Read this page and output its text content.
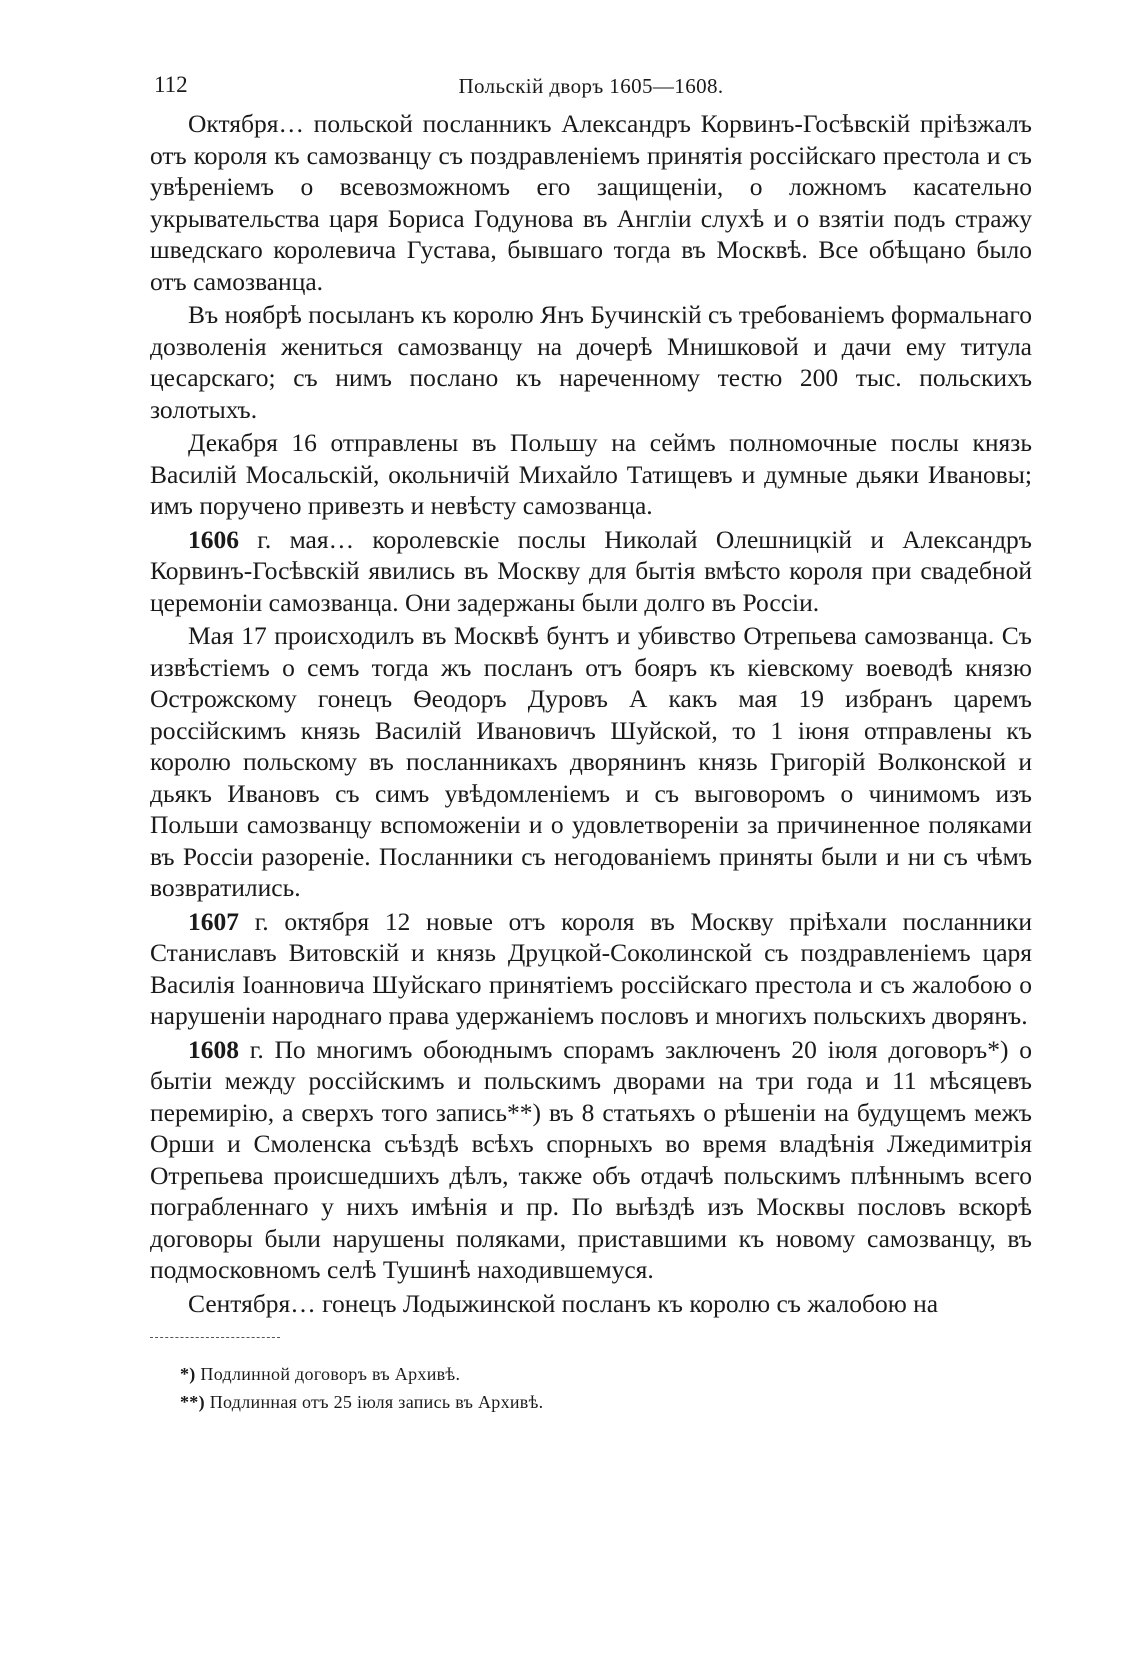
112	Польскій дворъ 1605—1608.

Октября… польской посланникъ Александръ Корвинъ-Госѣвскій пріѣзжалъ отъ короля къ самозванцу съ поздравленіемъ принятія россійскаго престола и съ увѣреніемъ о всевозможномъ его защищеніи, о ложномъ касательно укрывательства царя Бориса Годунова въ Англіи слухѣ и о взятіи подъ стражу шведскаго королевича Густава, бывшаго тогда въ Москвѣ. Все обѣщано было отъ самозванца.

Въ ноябрѣ посыланъ къ королю Янъ Бучинскій съ требованіемъ формальнаго дозволенія жениться самозванцу на дочерѣ Мнишковой и дачи ему титула цесарскаго; съ нимъ послано къ нареченному тестю 200 тыс. польскихъ золотыхъ.

Декабря 16 отправлены въ Польшу на сеймъ полномочные послы князь Василій Мосальскій, окольничій Михайло Татищевъ и думные дьяки Ивановы; имъ поручено привезть и невѣсту самозванца.

1606 г. мая… королевскіе послы Николай Олешницкій и Александръ Корвинъ-Госѣвскій явились въ Москву для бытія вмѣсто короля при свадебной церемоніи самозванца. Они задержаны были долго въ Россіи.

Мая 17 происходилъ въ Москвѣ бунтъ и убивство Отрепьева самозванца. Съ извѣстіемъ о семъ тогда жъ посланъ отъ бояръ къ кіевскому воеводѣ князю Острожскому гонецъ Ѳеодоръ Дуровъ А какъ мая 19 избранъ царемъ россійскимъ князь Василій Ивановичъ Шуйской, то 1 іюня отправлены къ королю польскому въ посланникахъ дворянинъ князь Григорій Волконской и дьякъ Ивановъ съ симъ увѣдомленіемъ и съ выговоромъ о чинимомъ изъ Польши самозванцу вспоможеніи и о удовлетвореніи за причиненное поляками въ Россіи разореніе. Посланники съ негодованіемъ приняты были и ни съ чѣмъ возвратились.

1607 г. октября 12 новые отъ короля въ Москву пріѣхали посланники Станиславъ Витовскій и князь Друцкой-Соколинской съ поздравленіемъ царя Василія Іоанновича Шуйскаго принятіемъ россійскаго престола и съ жалобою о нарушеніи народнаго права удержаніемъ пословъ и многихъ польскихъ дворянъ.

1608 г. По многимъ обоюднымъ спорамъ заключенъ 20 іюля договоръ*) о бытіи между россійскимъ и польскимъ дворами на три года и 11 мѣсяцевъ перемирію, а сверхъ того запись**) въ 8 статьяхъ о рѣшеніи на будущемъ межъ Орши и Смоленска съѣздѣ всѣхъ спорныхъ во время владѣнія Лжедимитрія Отрепьева происшедшихъ дѣлъ, также объ отдачѣ польскимъ плѣннымъ всего пограбленнаго у нихъ имѣнія и пр. По выѣздѣ изъ Москвы пословъ вскорѣ договоры были нарушены поляками, приставшими къ новому самозванцу, въ подмосковномъ селѣ Тушинѣ находившемуся.

Сентября… гонецъ Лодыжинской посланъ къ королю съ жалобою на

*) Подлинной договоръ въ Архивѣ.

**) Подлинная отъ 25 іюля запись въ Архивѣ.
